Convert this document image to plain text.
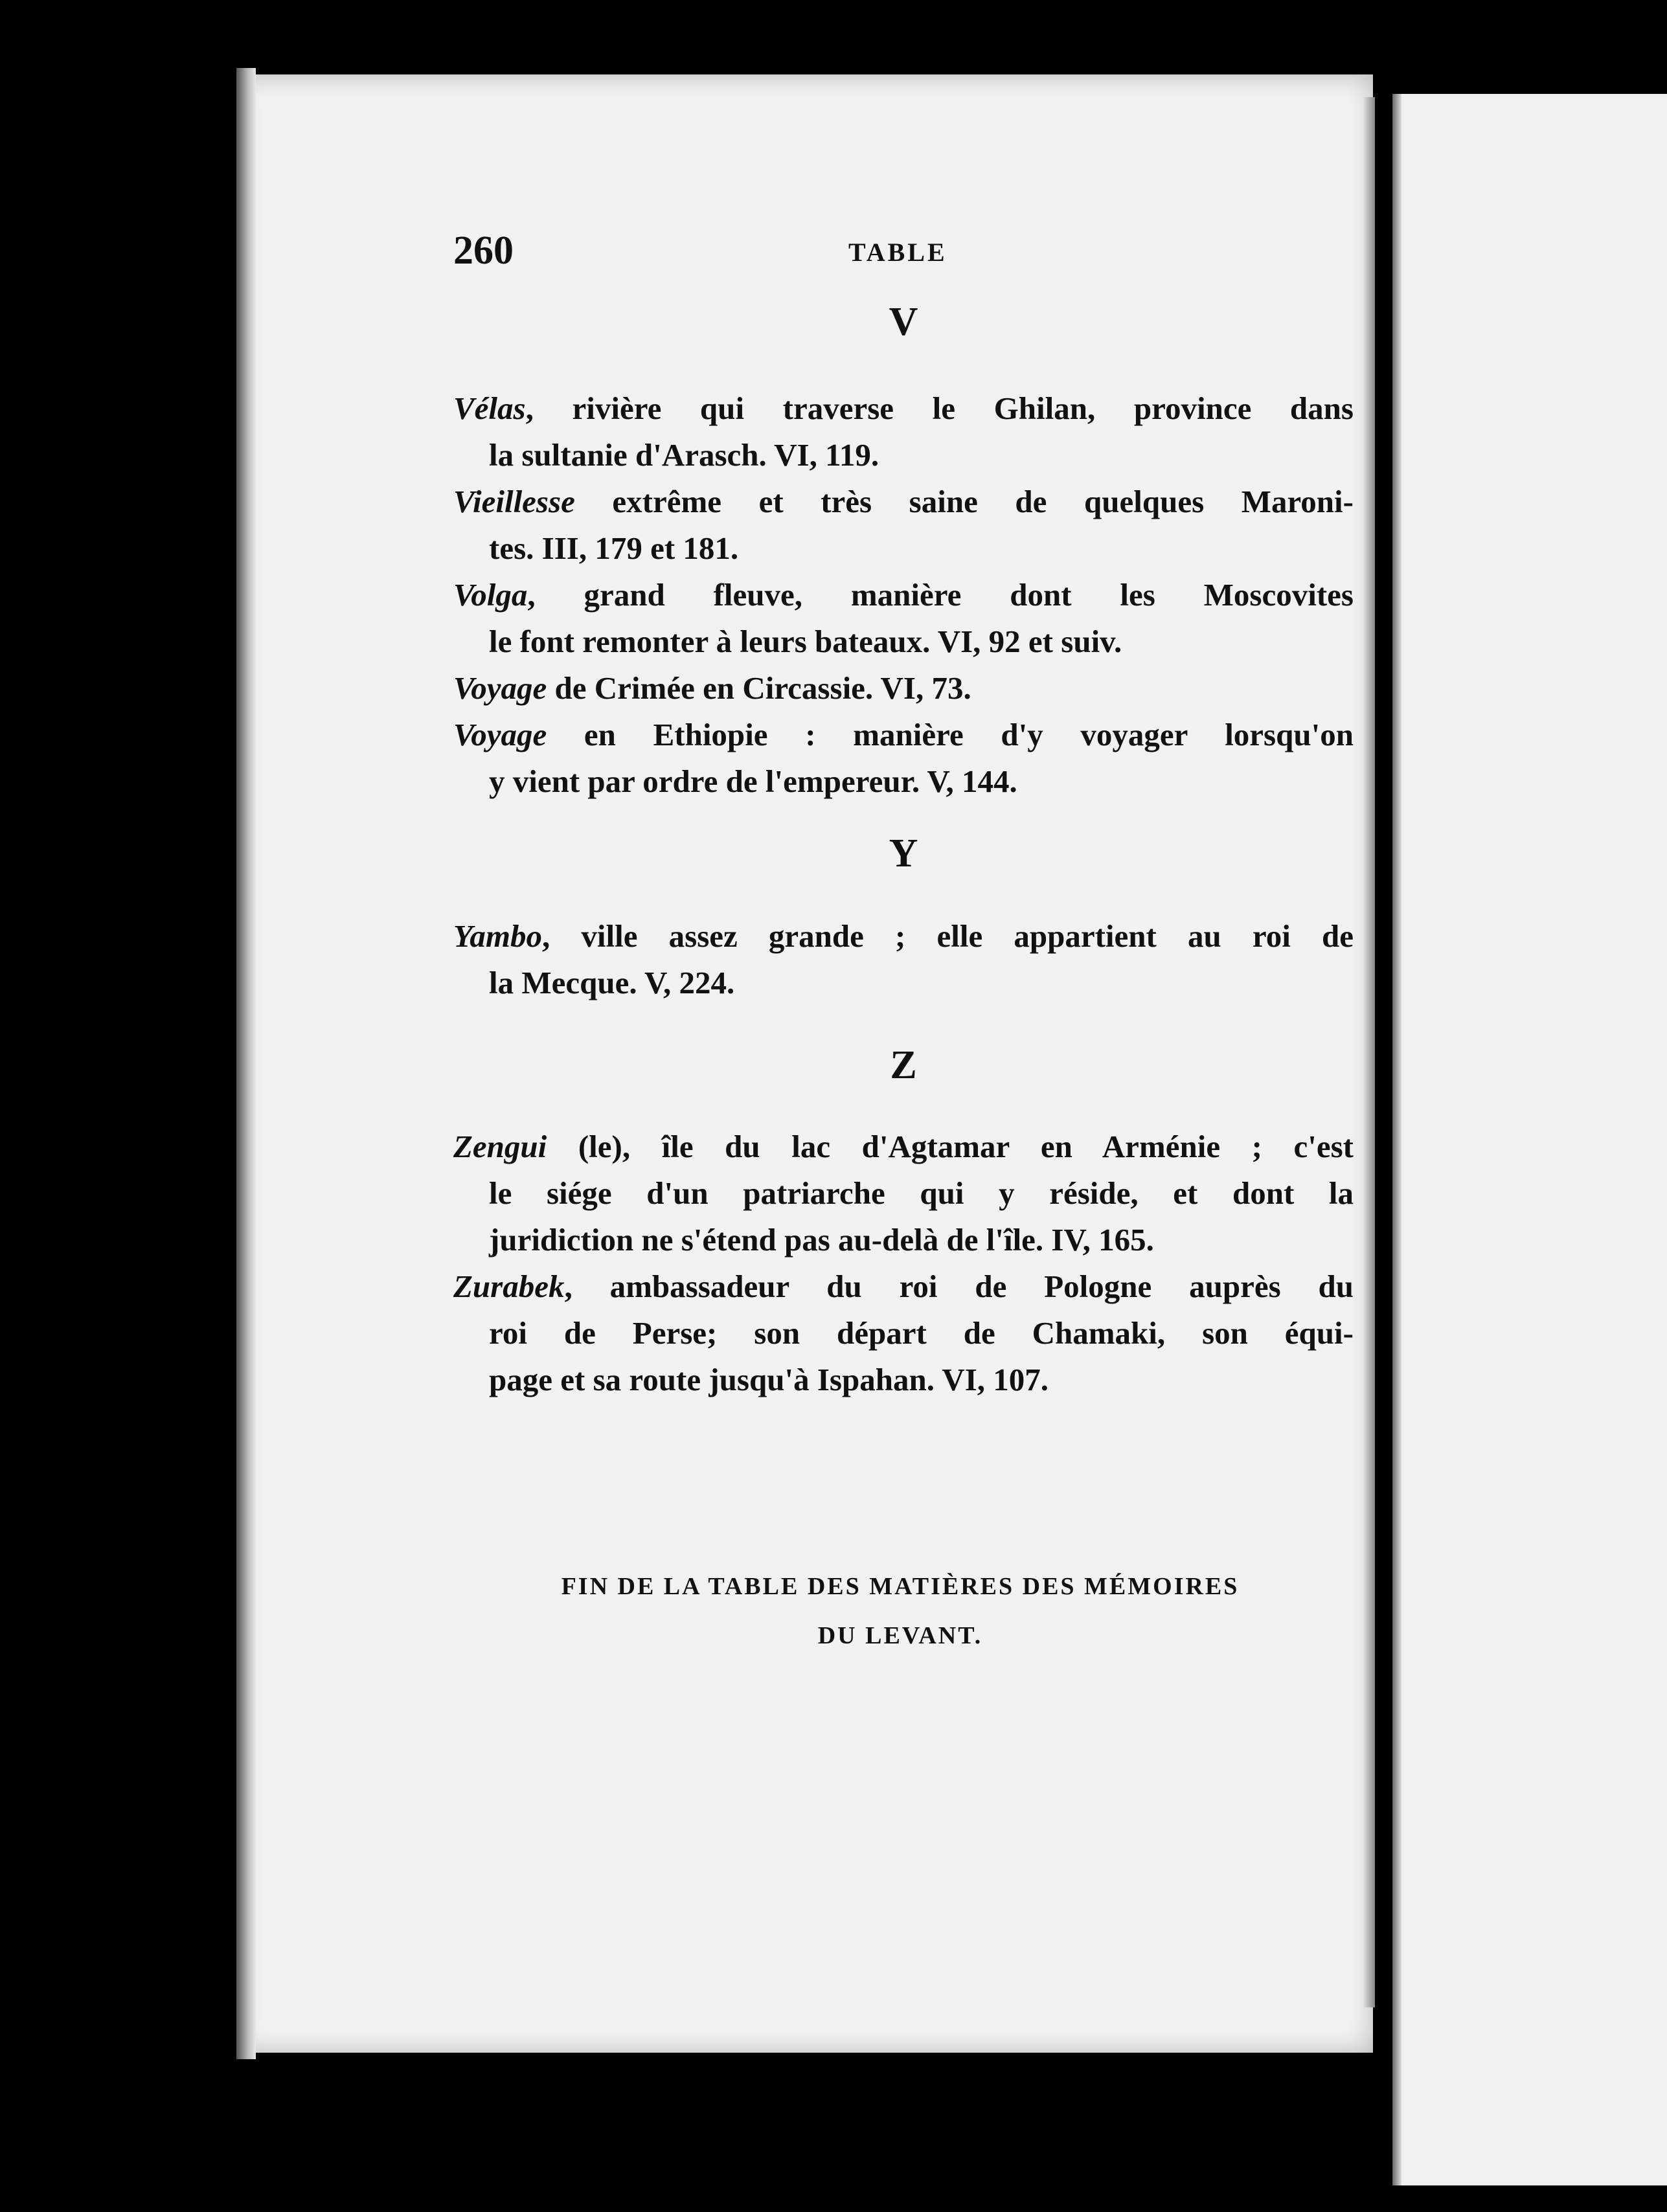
260	TABLE
V
Vélas, rivière qui traverse le Ghilan, province dans
la sultanie d'Arasch. VI, 119.
Vieillesse extrême et très saine de quelques Maroni-
tes. III, 179 et 181.
Volga, grand fleuve, manière dont les Moscovites
le font remonter à leurs bateaux. VI, 92 et suiv.
Voyage de Crimée en Circassie. VI, 73.
Voyage en Ethiopie : manière d'y voyager lorsqu'on
y vient par ordre de l'empereur. V, 144.
Y
Yambo, ville assez grande ; elle appartient au roi de
la Mecque. V, 224.
Z
Zengui (le), île du lac d'Agtamar en Arménie ; c'est
le siége d'un patriarche qui y réside, et dont la
juridiction ne s'étend pas au-delà de l'île. IV, 165.
Zurabek, ambassadeur du roi de Pologne auprès du
roi de Perse; son départ de Chamaki, son équi-
page et sa route jusqu'à Ispahan. VI, 107.
FIN DE LA TABLE DES MATIÈRES DES MÉMOIRES
DU LEVANT.
